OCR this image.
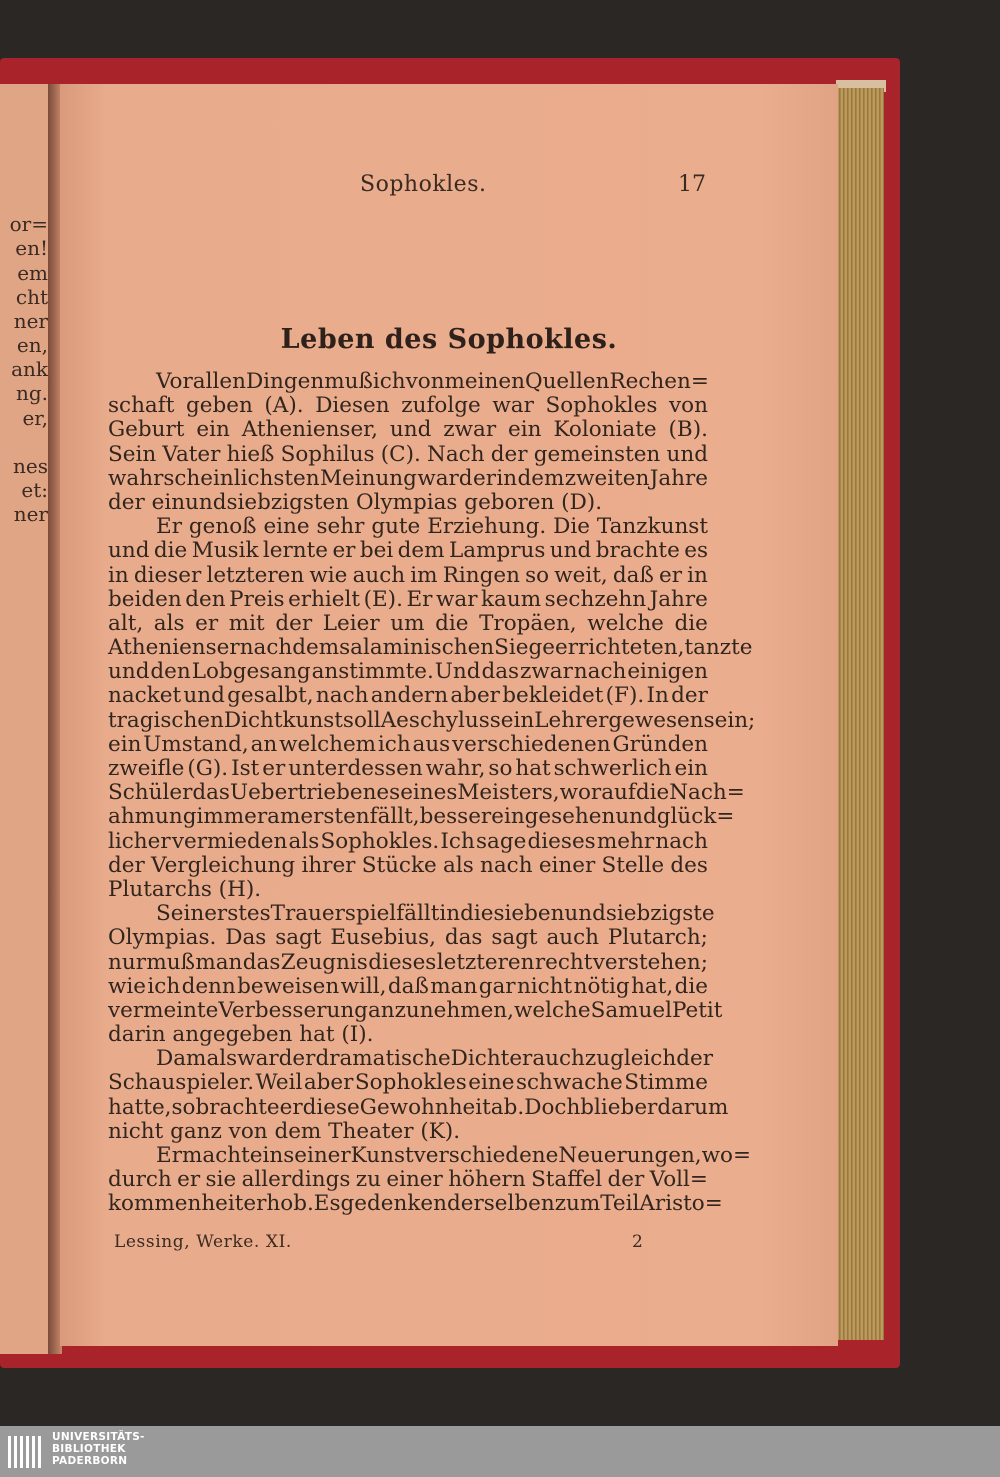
or=
en!
em
cht
ner
en,
ank
ng.
er,
nes
et:
ner
Sophokles.	17
Leben des Sophokles.
Vor allen Dingen muß ich von meinen Quellen Rechen=
schaft geben (A). Diesen zufolge war Sophokles von
Geburt ein Athenienser, und zwar ein Koloniate (B).
Sein Vater hieß Sophilus (C). Nach der gemeinsten und
wahrscheinlichsten Meinung ward er in dem zweiten Jahre
der einundsiebzigsten Olympias geboren (D).
Er genoß eine sehr gute Erziehung. Die Tanzkunst
und die Musik lernte er bei dem Lamprus und brachte es
in dieser letzteren wie auch im Ringen so weit, daß er in
beiden den Preis erhielt (E). Er war kaum sechzehn Jahre
alt, als er mit der Leier um die Tropäen, welche die
Athenienser nach dem salaminischen Siege errichteten, tanzte
und den Lobgesang anstimmte. Und das zwar nach einigen
nacket und gesalbt, nach andern aber bekleidet (F). In der
tragischen Dichtkunst soll Aeschylus sein Lehrer gewesen sein;
ein Umstand, an welchem ich aus verschiedenen Gründen
zweifle (G). Ist er unterdessen wahr, so hat schwerlich ein
Schüler das Uebertriebene seines Meisters, worauf die Nach=
ahmung immer am ersten fällt, besser eingesehen und glück=
licher vermieden als Sophokles. Ich sage dieses mehr nach
der Vergleichung ihrer Stücke als nach einer Stelle des
Plutarchs (H).
Sein erstes Trauerspiel fällt in die siebenundsiebzigste
Olympias. Das sagt Eusebius, das sagt auch Plutarch;
nur muß man das Zeugnis dieses letzteren recht verstehen;
wie ich denn beweisen will, daß man gar nicht nötig hat, die
vermeinte Verbesserung anzunehmen, welche Samuel Petit
darin angegeben hat (I).
Damals war der dramatische Dichter auch zugleich der
Schauspieler. Weil aber Sophokles eine schwache Stimme
hatte, so brachte er diese Gewohnheit ab. Doch blieb er darum
nicht ganz von dem Theater (K).
Er machte in seiner Kunst verschiedene Neuerungen, wo=
durch er sie allerdings zu einer höhern Staffel der Voll=
kommenheit erhob. Es gedenken derselben zum Teil Aristo=
Lessing, Werke. XI.	2
UNIVERSITÄTS-
BIBLIOTHEK
PADERBORN
